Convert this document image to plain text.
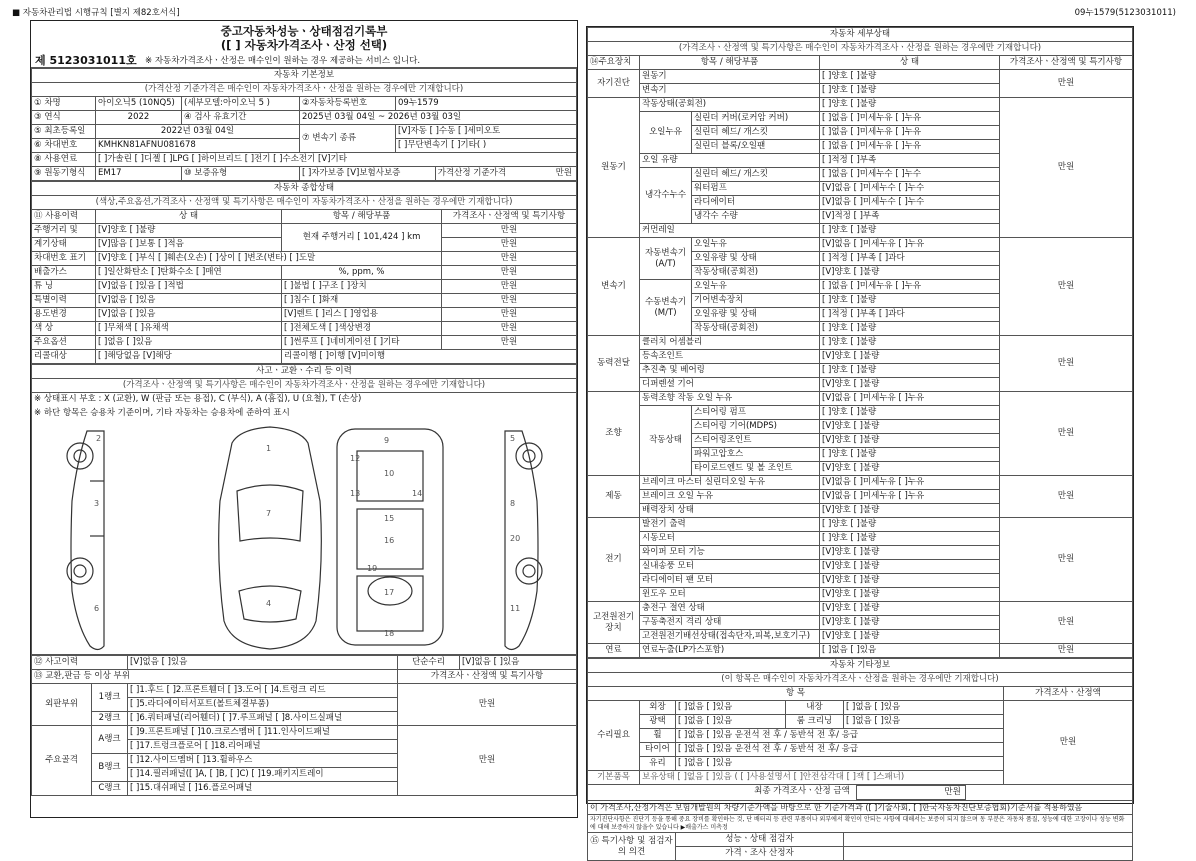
■ 자동차관리법 시행규칙 [별지 제82호서식]	09누1579(5123031011)
중고자동차성능ㆍ상태점검기록부
([ ] 자동차가격조사ㆍ산정 선택)
제 5123031011호 ※ 자동차가격조사ㆍ산정은 매수인이 원하는 경우 제공하는 서비스 입니다.
자동차 기본정보				
(가격산정 기준가격은 매수인이 자동차가격조사ㆍ산정을 원하는 경우에만 기재합니다)				
① 차명	아이오닉5 (10NQ5)	(세부모델:아이오닉 5 )	②자동차등록번호	09누1579
③ 연식	2022	④ 검사 유효기간	2025년 03월 04일 ~ 2026년 03월 03일	
⑤ 최초등록일	2022년 03월 04일		⑦ 변속기 종류	[V]자동 [ ]수동 [ ]세미오토
⑥ 차대번호	KMHKN81AFNU081678			[ ]무단변속기 [ ]기타( )
⑧ 사용연료	[ ]가솔린 [ ]디젤 [ ]LPG [ ]하이브리드 [ ]전기 [ ]수소전기 [V]기타			
⑨ 원동기형식	EM17	⑩ 보증유형	[ ]자가보증 [V]보험사보증 가격산정 기준가격 만원	
자동차 종합상태			
(색상,주요옵션,가격조사ㆍ산정액 및 특기사항은 매수인이 자동차가격조사ㆍ산정을 원하는 경우에만 기재합니다)			
⑪ 사용이력	상 태	항목 / 해당부품	가격조사ㆍ산정액 및 특기사항
주행거리 및	[V]양호 [ ]불량	현재 주행거리 [ 101,424 ] km	만원
계기상태	[V]많음 [ ]보통 [ ]적음		만원
차대번호 표기	[V]양호 [ ]부식 [ ]훼손(오손) [ ]상이 [ ]변조(변타) [ ]도말		만원
배출가스	[ ]일산화탄소 [ ]탄화수소 [ ]매연	%, ppm, %	만원
튜 닝	[V]없음 [ ]있음 [ ]적법	[ ]불법 [ ]구조 [ ]장치	만원
특별이력	[V]없음 [ ]있음	[ ]침수 [ ]화재	만원
용도변경	[V]없음 [ ]있음	[V]렌트 [ ]리스 [ ]영업용	만원
색 상	[ ]무채색 [ ]유채색	[ ]전체도색 [ ]색상변경	만원
주요옵션	[ ]없음 [ ]있음	[ ]썬루프 [ ]네비게이션 [ ]기타	만원
리콜대상	[ ]해당없음 [V]해당	리콜이행 [ ]이행 [V]미이행	
사고ㆍ교환ㆍ수리 등 이력
(가격조사ㆍ산정액 및 특기사항은 매수인이 자동차가격조사ㆍ산정을 원하는 경우에만 기재합니다)
※ 상태표시 부호 : X (교환), W (판금 또는 용접), C (부식), A (흠집), U (요철), T (손상)
※ 하단 항목은 승용차 기준이며, 기타 자동차는 승용차에 준하여 표시
2
3
6
1
7
4
9
12
10
13	14
15
16
17
19
18
5
8
20
11
⑫ 사고이력		[V]없음 [ ]있음	단순수리	[V]없음 [ ]있음
⑬ 교환,판금 등 이상 부위			가격조사ㆍ산정액 및 특기사항	
외판부위	1랭크	[ ]1.후드 [ ]2.프론트휀더 [ ]3.도어 [ ]4.트렁크 리드	만원	
		[ ]5.라디에이터서포트(볼트체결부품)		
	2랭크	[ ]6.쿼터패널(리어휀더) [ ]7.루프패널 [ ]8.사이드실패널		
주요골격	A랭크	[ ]9.프론트패널 [ ]10.크로스멤버 [ ]11.인사이드패널	만원	
		[ ]17.트렁크플로어 [ ]18.리어패널		
	B랭크	[ ]12.사이드멤버 [ ]13.휠하우스		
		[ ]14.필러패널([ ]A, [ ]B, [ ]C) [ ]19.패키지트레이		
	C랭크	[ ]15.대쉬패널 [ ]16.플로어패널		
자동차 세부상태				
(가격조사ㆍ산정액 및 특기사항은 매수인이 자동차가격조사ㆍ산정을 원하는 경우에만 기재합니다)				
⑭주요장치	항목 / 해당부품		상 태	가격조사ㆍ산정액 및 특기사항
자기진단	원동기		[ ]양호 [ ]불량	만원
	변속기		[ ]양호 [ ]불량	
원동기	작동상태(공회전)		[ ]양호 [ ]불량	만원
	오일누유	실린더 커버(로커암 커버)	[ ]없음 [ ]미세누유 [ ]누유	
		실린더 헤드/ 개스킷	[ ]없음 [ ]미세누유 [ ]누유	
		실린더 블록/오일팬	[ ]없음 [ ]미세누유 [ ]누유	
	오일 유량		[ ]적정 [ ]부족	
	냉각수누수	실린더 헤드/ 개스킷	[ ]없음 [ ]미세누수 [ ]누수	
		워터펌프	[V]없음 [ ]미세누수 [ ]누수	
		라디에이터	[V]없음 [ ]미세누수 [ ]누수	
		냉각수 수량	[V]적정 [ ]부족	
	커먼레일		[ ]양호 [ ]불량	
변속기	자동변속기(A/T)	오일누유	[V]없음 [ ]미세누유 [ ]누유	만원
		오일유량 및 상태	[ ]적정 [ ]부족 [ ]과다	
		작동상태(공회전)	[V]양호 [ ]불량	
	수동변속기(M/T)	오일누유	[ ]없음 [ ]미세누유 [ ]누유	
		기어변속장치	[ ]양호 [ ]불량	
		오일유량 및 상태	[ ]적정 [ ]부족 [ ]과다	
		작동상태(공회전)	[ ]양호 [ ]불량	
동력전달	클러치 어셈블리		[ ]양호 [ ]불량	만원
	등속조인트		[V]양호 [ ]불량	
	추진축 및 베어링		[ ]양호 [ ]불량	
	디퍼렌셜 기어		[V]양호 [ ]불량	
조향	동력조향 작동 오일 누유		[V]없음 [ ]미세누유 [ ]누유	만원
	작동상태	스티어링 펌프	[ ]양호 [ ]불량	
		스티어링 기어(MDPS)	[V]양호 [ ]불량	
		스티어링조인트	[V]양호 [ ]불량	
		파워고압호스	[ ]양호 [ ]불량	
		타이로드엔드 및 볼 조인트	[V]양호 [ ]불량	
제동	브레이크 마스터 실린더오일 누유		[V]없음 [ ]미세누유 [ ]누유	만원
	브레이크 오일 누유		[V]없음 [ ]미세누유 [ ]누유	
	배력장치 상태		[V]양호 [ ]불량	
전기	발전기 출력		[ ]양호 [ ]불량	만원
	시동모터		[ ]양호 [ ]불량	
	와이퍼 모터 기능		[V]양호 [ ]불량	
	실내송풍 모터		[V]양호 [ ]불량	
	라디에이터 팬 모터		[V]양호 [ ]불량	
	윈도우 모터		[V]양호 [ ]불량	
고전원전기장치	충전구 절연 상태		[V]양호 [ ]불량	만원
	구동축전지 격리 상태		[V]양호 [ ]불량	
	고전원전기배선상태(접속단자,피복,보호기구)		[V]양호 [ ]불량	
연료	연료누출(LP가스포함)		[ ]없음 [ ]있음	만원
자동차 기타정보					
(이 항목은 매수인이 자동차가격조사ㆍ산정을 원하는 경우에만 기재합니다)					
항 목					가격조사ㆍ산정액
수리필요	외장	[ ]없음 [ ]있음	내장	[ ]없음 [ ]있음	만원
	광택	[ ]없음 [ ]있음	룸 크리닝	[ ]없음 [ ]있음	
	휠	[ ]없음 [ ]있음 운전석 전 후 / 동반석 전 후/ 응급			
	타이어	[ ]없음 [ ]있음 운전석 전 후 / 동반석 전 후/ 응급			
	유리	[ ]없음 [ ]있음			
기본품목	보유상태 [ ]없음 [ ]있음 ( [ ]사용설명서 [ ]안전삼각대 [ ]잭 [ ]스패너)				

최종 가격조사ㆍ산정 금액 만원					

이 가격조사,산정가격은 보험개발원의 차량기준가액을 바탕으로 한 기준가격과 ([ ]기술사회, [ ]한국자동차진단보증협회)기준서를 적용하였음					
자기진단사항은 진단기 등을 통해 중요 장비를 확인하는 것, 단 배터리 등 관련 부품이나 외부에서 확인이 안되는 사항에 대해서는 보증이 되지 않으며 동 부분은 자동차 품질, 성능에 대한 고장이나 성능 변화에 대해 보증하지 않을수 있습니다 ▶배출가스 미측정					
⑮ 특기사항 및 점검자의 의견		성능ㆍ상태 점검자			
		가격ㆍ조사 산정자			
